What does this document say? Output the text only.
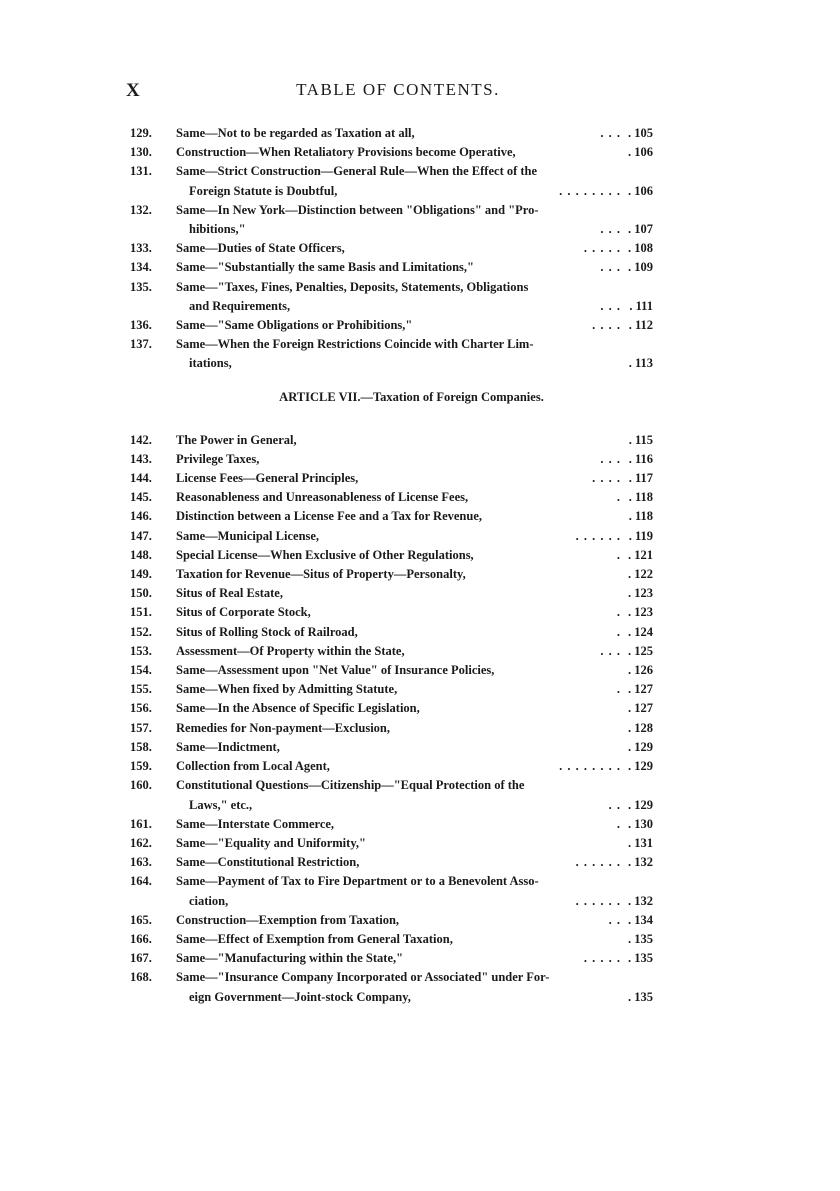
X	TABLE OF CONTENTS.
129.	Same—Not to be regarded as Taxation at all,	. . . . 105
130.	Construction—When Retaliatory Provisions become Operative,	. 106
131.	Same—Strict Construction—General Rule—When the Effect of the
Foreign Statute is Doubtful,	. . . . . . . . . 106
132.	Same—In New York—Distinction between "Obligations" and "Pro-
hibitions,"	. . . . 107
133.	Same—Duties of State Officers,	. . . . . . 108
134.	Same—"Substantially the same Basis and Limitations,"	. . . . 109
135.	Same—"Taxes, Fines, Penalties, Deposits, Statements, Obligations
and Requirements,	. . . . 111
136.	Same—"Same Obligations or Prohibitions,"	. . . . . 112
137.	Same—When the Foreign Restrictions Coincide with Charter Lim-
itations,	. 113
ARTICLE VII.—Taxation of Foreign Companies.
142.	The Power in General,	. 115
143.	Privilege Taxes,	. . . . 116
144.	License Fees—General Principles,	. . . . . 117
145.	Reasonableness and Unreasonableness of License Fees,	. . 118
146.	Distinction between a License Fee and a Tax for Revenue,	. 118
147.	Same—Municipal License,	. . . . . . . 119
148.	Special License—When Exclusive of Other Regulations,	. . 121
149.	Taxation for Revenue—Situs of Property—Personalty,	. 122
150.	Situs of Real Estate,	. 123
151.	Situs of Corporate Stock,	. . 123
152.	Situs of Rolling Stock of Railroad,	. . 124
153.	Assessment—Of Property within the State,	. . . . 125
154.	Same—Assessment upon "Net Value" of Insurance Policies,	. 126
155.	Same—When fixed by Admitting Statute,	. . 127
156.	Same—In the Absence of Specific Legislation,	. 127
157.	Remedies for Non-payment—Exclusion,	. 128
158.	Same—Indictment,	. 129
159.	Collection from Local Agent,	. . . . . . . . . 129
160.	Constitutional Questions—Citizenship—"Equal Protection of the
Laws," etc.,	. . . 129
161.	Same—Interstate Commerce,	. . 130
162.	Same—"Equality and Uniformity,"	. 131
163.	Same—Constitutional Restriction,	. . . . . . . 132
164.	Same—Payment of Tax to Fire Department or to a Benevolent Asso-
ciation,	. . . . . . . 132
165.	Construction—Exemption from Taxation,	. . . 134
166.	Same—Effect of Exemption from General Taxation,	. 135
167.	Same—"Manufacturing within the State,"	. . . . . . 135
168.	Same—"Insurance Company Incorporated or Associated" under For-
eign Government—Joint-stock Company,	. 135
